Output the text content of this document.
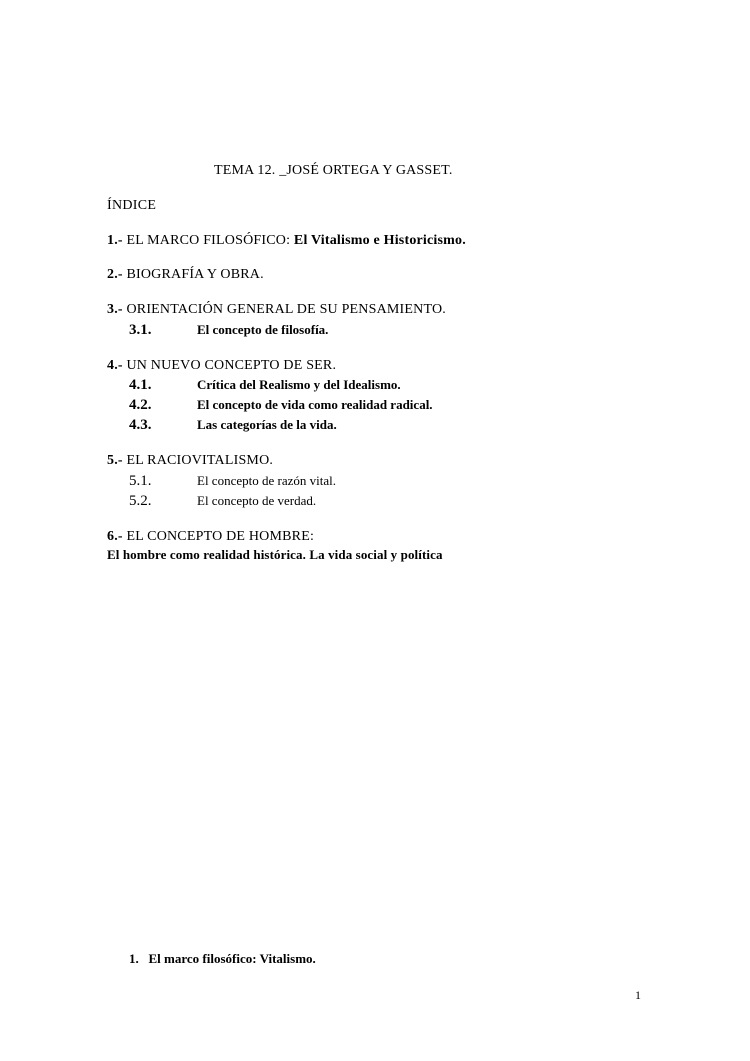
TEMA 12. _JOSÉ ORTEGA Y GASSET.
ÍNDICE
1.- EL MARCO FILOSÓFICO: El Vitalismo e Historicismo.
2.- BIOGRAFÍA Y OBRA.
3.- ORIENTACIÓN GENERAL DE SU PENSAMIENTO.
3.1.	El concepto de filosofía.
4.- UN NUEVO CONCEPTO DE SER.
4.1.	Crítica del Realismo y del Idealismo.
4.2.	El concepto de vida como realidad radical.
4.3.	Las categorías de la vida.
5.- EL RACIOVITALISMO.
5.1.	El concepto de razón vital.
5.2.	El concepto de verdad.
6.- EL CONCEPTO DE HOMBRE:
El hombre como realidad histórica. La vida social y política
1.   El marco filosófico: Vitalismo.
1
